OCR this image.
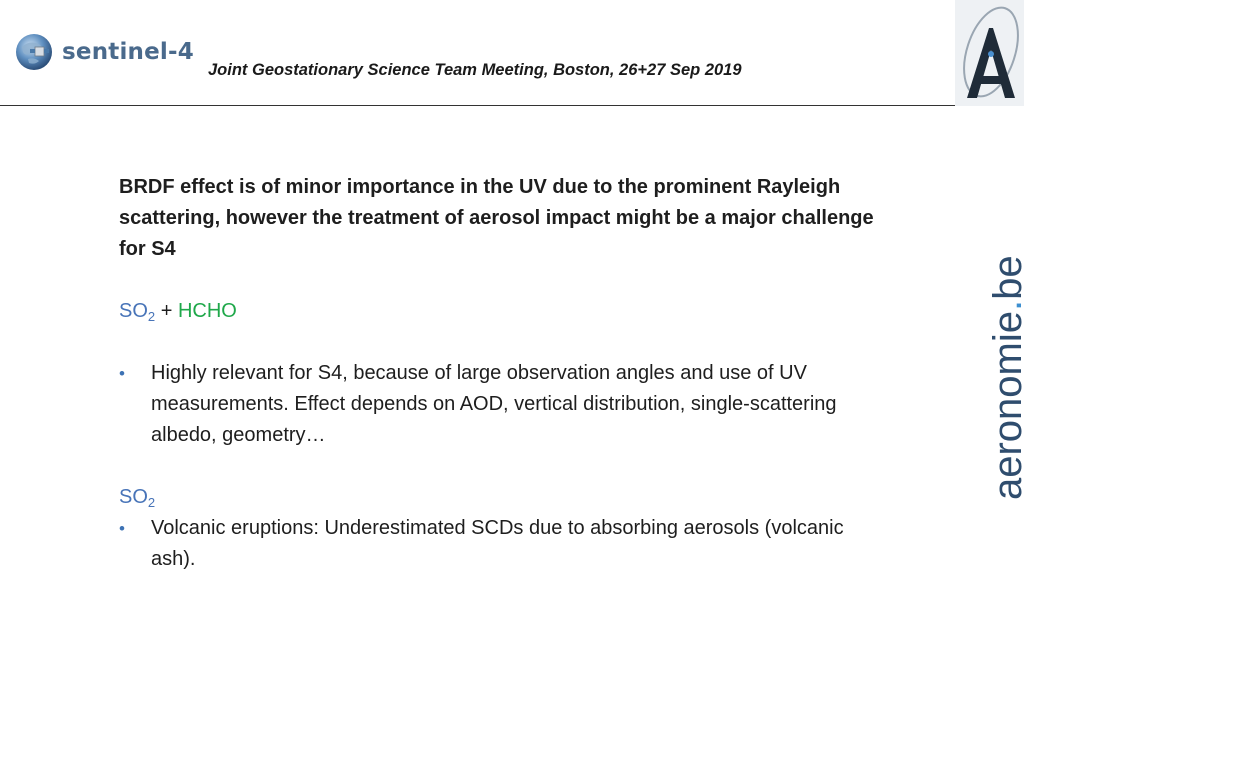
sentinel-4
Joint Geostationary Science Team Meeting, Boston, 26+27 Sep 2019
aeronomie.be

BRDF effect is of minor importance in the UV due to the prominent Rayleigh scattering, however the treatment of aerosol impact might be a major challenge for S4

$SO_2$ + HCHO
• Highly relevant for S4, because of large observation angles and use of UV measurements. Effect depends on AOD, vertical distribution, single-scattering albedo, geometry…
$SO_2$
• Volcanic eruptions: Underestimated SCDs due to absorbing aerosols (volcanic ash).
